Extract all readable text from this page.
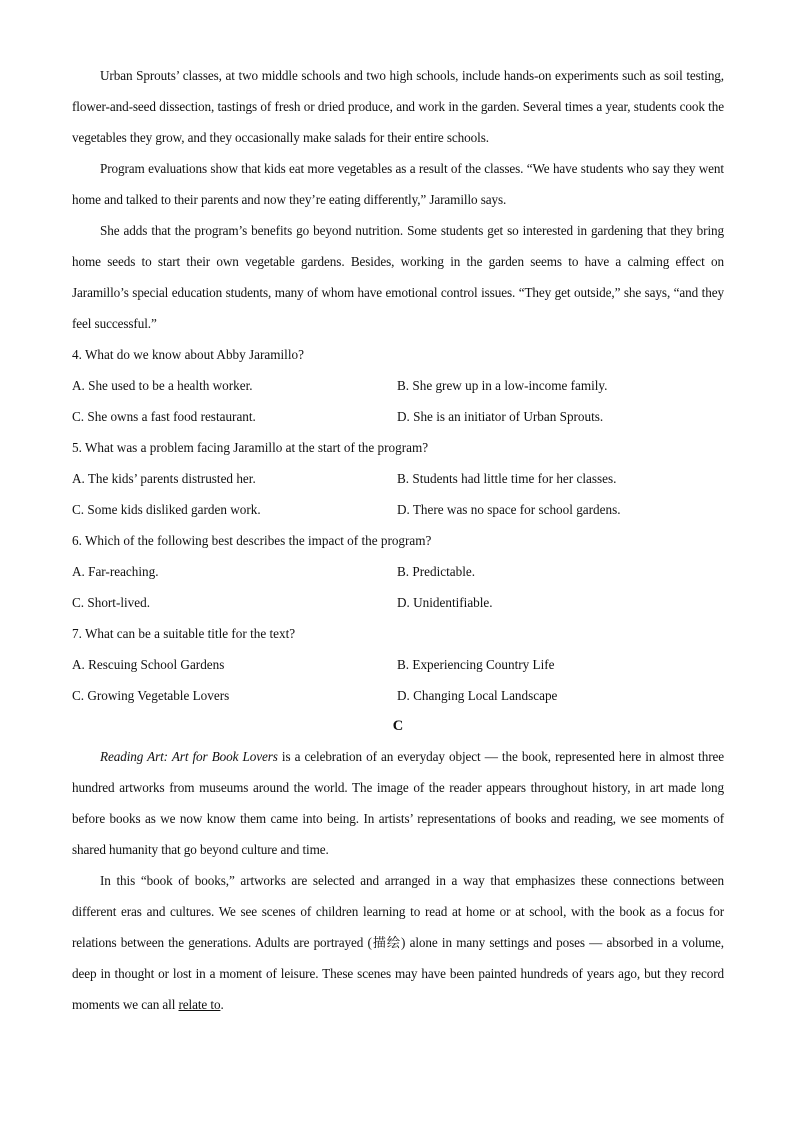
Urban Sprouts’ classes, at two middle schools and two high schools, include hands-on experiments such as soil testing, flower-and-seed dissection, tastings of fresh or dried produce, and work in the garden. Several times a year, students cook the vegetables they grow, and they occasionally make salads for their entire schools.

Program evaluations show that kids eat more vegetables as a result of the classes. “We have students who say they went home and talked to their parents and now they’re eating differently,” Jaramillo says.

She adds that the program’s benefits go beyond nutrition. Some students get so interested in gardening that they bring home seeds to start their own vegetable gardens. Besides, working in the garden seems to have a calming effect on Jaramillo’s special education students, many of whom have emotional control issues. “They get outside,” she says, “and they feel successful.”

4. What do we know about Abby Jaramillo?

A. She used to be a health worker.	B. She grew up in a low-income family.
C. She owns a fast food restaurant.	D. She is an initiator of Urban Sprouts.

5. What was a problem facing Jaramillo at the start of the program?

A. The kids’ parents distrusted her.	B. Students had little time for her classes.
C. Some kids disliked garden work.	D. There was no space for school gardens.

6. Which of the following best describes the impact of the program?

A. Far-reaching.	B. Predictable.
C. Short-lived.	D. Unidentifiable.

7. What can be a suitable title for the text?

A. Rescuing School Gardens	B. Experiencing Country Life
C. Growing Vegetable Lovers	D. Changing Local Landscape

C

Reading Art: Art for Book Lovers is a celebration of an everyday object — the book, represented here in almost three hundred artworks from museums around the world. The image of the reader appears throughout history, in art made long before books as we now know them came into being. In artists’ representations of books and reading, we see moments of shared humanity that go beyond culture and time.

In this “book of books,” artworks are selected and arranged in a way that emphasizes these connections between different eras and cultures. We see scenes of children learning to read at home or at school, with the book as a focus for relations between the generations. Adults are portrayed (描绘) alone in many settings and poses — absorbed in a volume, deep in thought or lost in a moment of leisure. These scenes may have been painted hundreds of years ago, but they record moments we can all relate to.
